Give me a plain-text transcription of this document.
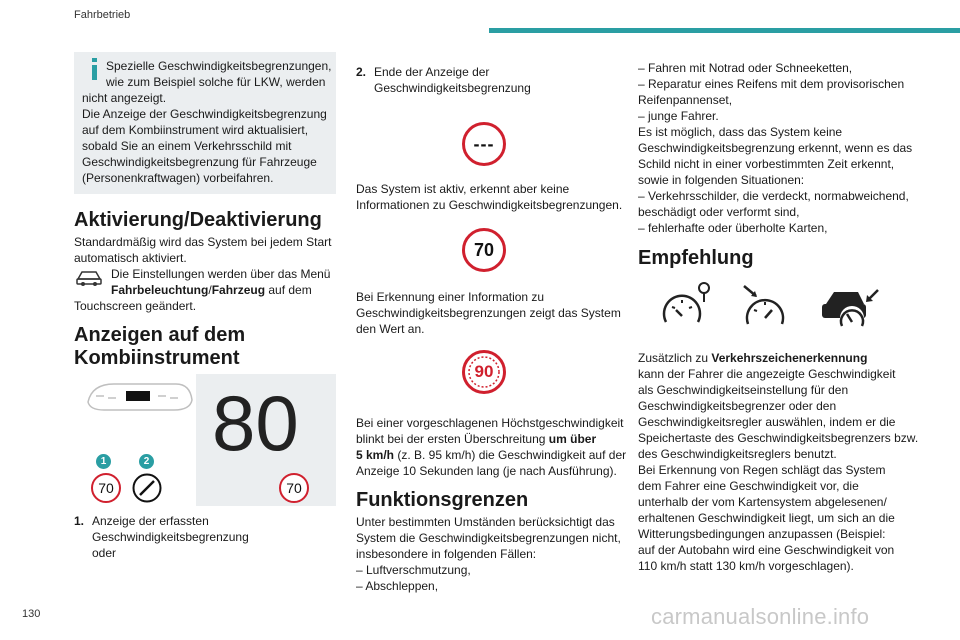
Fahrbetrieb
Spezielle Geschwindigkeitsbegrenzungen,
wie zum Beispiel solche für LKW, werden
nicht angezeigt.
Die Anzeige der Geschwindigkeitsbegrenzung
auf dem Kombiinstrument wird aktualisiert,
sobald Sie an einem Verkehrsschild mit
Geschwindigkeitsbegrenzung für Fahrzeuge
(Personenkraftwagen) vorbeifahren.
Aktivierung/Deaktivierung
Standardmäßig wird das System bei jedem Start
automatisch aktiviert.
Die Einstellungen werden über das Menü
Fahrbeleuchtung/Fahrzeug auf dem
Touchscreen geändert.
Anzeigen auf dem
Kombiinstrument
80
70
1	2
70
1. Anzeige der erfassten
Geschwindigkeitsbegrenzung
oder
2. Ende der Anzeige der
Geschwindigkeitsbegrenzung
---
Das System ist aktiv, erkennt aber keine
Informationen zu Geschwindigkeitsbegrenzungen.
70
Bei Erkennung einer Information zu
Geschwindigkeitsbegrenzungen zeigt das System
den Wert an.
90
Bei einer vorgeschlagenen Höchstgeschwindigkeit
blinkt bei der ersten Überschreitung um über
5 km/h (z. B. 95 km/h) die Geschwindigkeit auf der
Anzeige 10 Sekunden lang (je nach Ausführung).
Funktionsgrenzen
Unter bestimmten Umständen berücksichtigt das
System die Geschwindigkeitsbegrenzungen nicht,
insbesondere in folgenden Fällen:
– Luftverschmutzung,
– Abschleppen,
– Fahren mit Notrad oder Schneeketten,
– Reparatur eines Reifens mit dem provisorischen
Reifenpannenset,
– junge Fahrer.
Es ist möglich, dass das System keine
Geschwindigkeitsbegrenzung erkennt, wenn es das
Schild nicht in einer vorbestimmten Zeit erkennt,
sowie in folgenden Situationen:
– Verkehrsschilder, die verdeckt, normabweichend,
beschädigt oder verformt sind,
– fehlerhafte oder überholte Karten,
Empfehlung
Zusätzlich zu Verkehrszeichenerkennung
kann der Fahrer die angezeigte Geschwindigkeit
als Geschwindigkeitseinstellung für den
Geschwindigkeitsbegrenzer oder den
Geschwindigkeitsregler auswählen, indem er die
Speichertaste des Geschwindigkeitsbegrenzers bzw.
des Geschwindigkeitsreglers benutzt.
Bei Erkennung von Regen schlägt das System
dem Fahrer eine Geschwindigkeit vor, die
unterhalb der vom Kartensystem abgelesenen/
erhaltenen Geschwindigkeit liegt, um sich an die
Witterungsbedingungen anzupassen (Beispiel:
auf der Autobahn wird eine Geschwindigkeit von
110 km/h statt 130 km/h vorgeschlagen).
130	carmanualsonline.info
